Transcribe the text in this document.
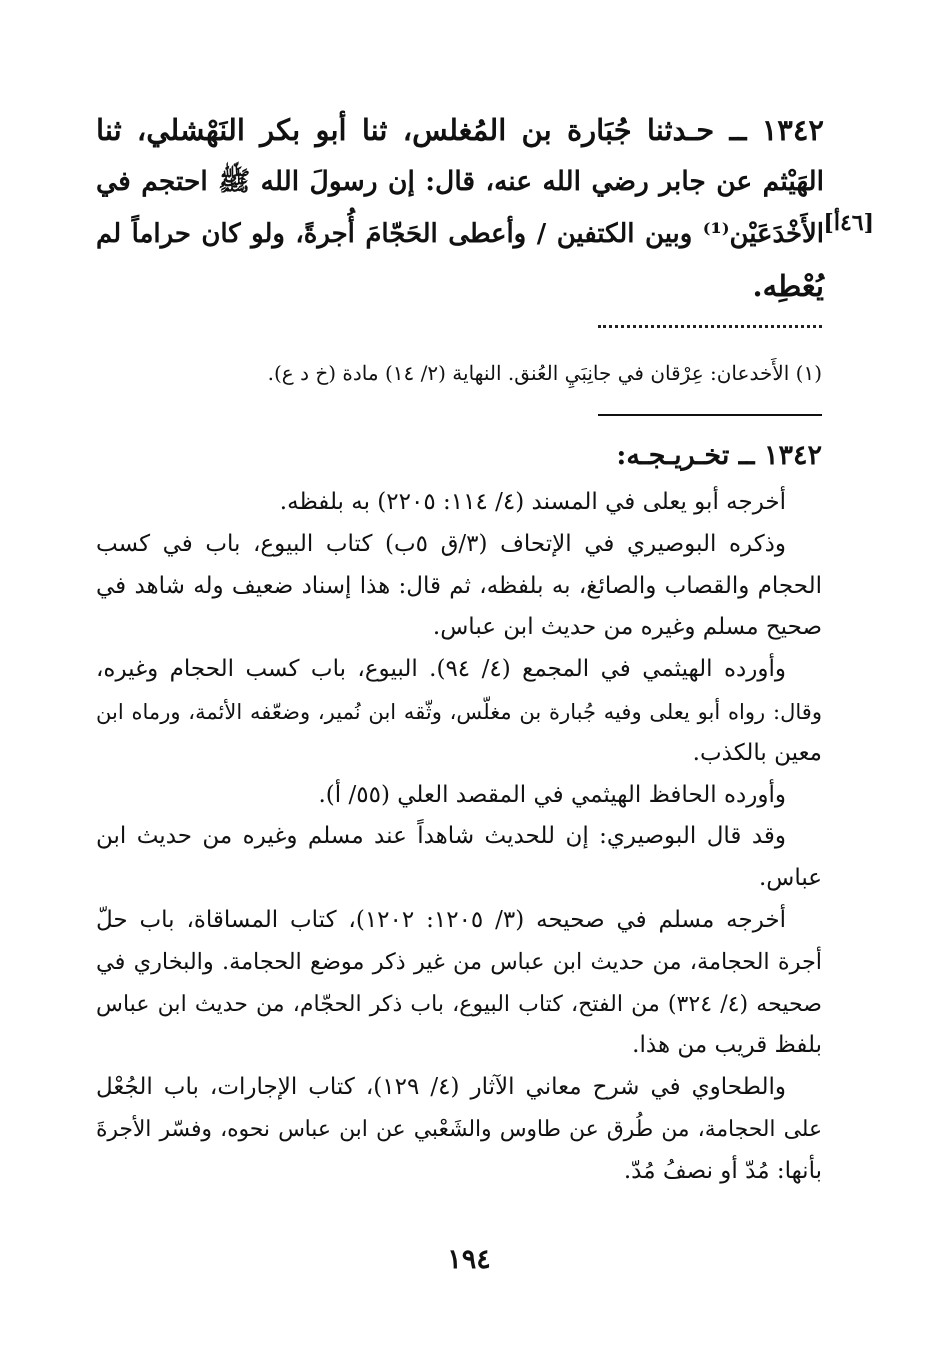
١٣٤٢ ــ حـدثنا جُبَارة بن المُغلس، ثنا أبو بكر النَهْشلي، ثنا
الهَيْثم عن جابر رضي الله عنه، قال: إن رسولَ الله ﷺ احتجم في
الأَخْدَعَيْن⁽¹⁾ وبين الكتفين / وأعطى الحَجّامَ أُجرةً، ولو كان حراماً لم
يُعْطِه.
[٤٦أ]
(١) الأَخدعان: عِرْقان في جانِبَيِ العُنق. النهاية (٢/ ١٤) مادة (خ د ع).
١٣٤٢ ــ تخـريـجـه:

أخرجه أبو يعلى في المسند (٤/ ١١٤: ٢٢٠٥) به بلفظه.

وذكره البوصيري في الإتحاف (٣/ق ٥ب) كتاب البيوع، باب في كسب
الحجام والقصاب والصائغ، به بلفظه، ثم قال: هذا إسناد ضعيف وله شاهد في
صحيح مسلم وغيره من حديث ابن عباس.

وأورده الهيثمي في المجمع (٤/ ٩٤). البيوع، باب كسب الحجام وغيره،
وقال: رواه أبو يعلى وفيه جُبارة بن مغلّس، وثّقه ابن نُمير، وضعّفه الأئمة، ورماه ابن
معين بالكذب.

وأورده الحافظ الهيثمي في المقصد العلي (٥٥/ أ).

وقد قال البوصيري: إن للحديث شاهداً عند مسلم وغيره من حديث ابن
عباس.

أخرجه مسلم في صحيحه (٣/ ١٢٠٥: ١٢٠٢)، كتاب المساقاة، باب حلّ
أجرة الحجامة، من حديث ابن عباس من غير ذكر موضع الحجامة. والبخاري في
صحيحه (٤/ ٣٢٤) من الفتح، كتاب البيوع، باب ذكر الحجّام، من حديث ابن عباس
بلفظ قريب من هذا.

والطحاوي في شرح معاني الآثار (٤/ ١٢٩)، كتاب الإجارات، باب الجُعْل
على الحجامة، من طُرق عن طاوس والشَعْبي عن ابن عباس نحوه، وفسّر الأجرةَ
بأنها: مُدّ أو نصفُ مُدّ.

١٩٤
